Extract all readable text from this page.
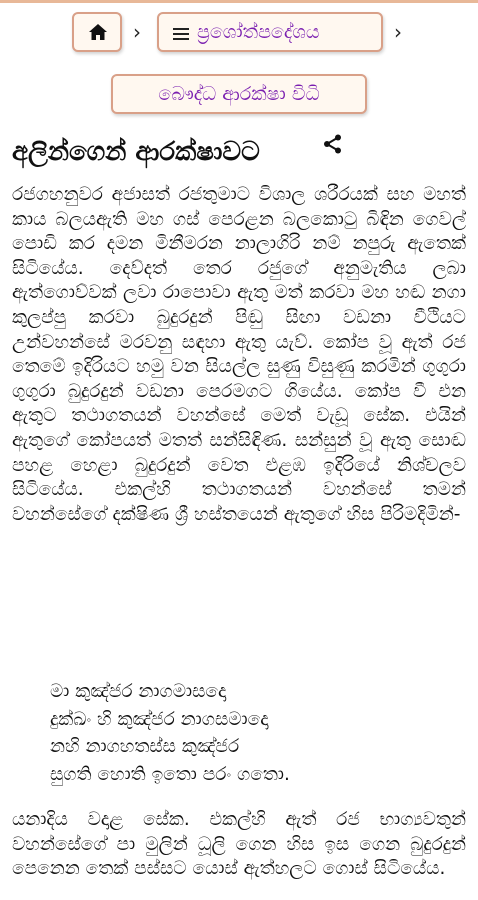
›	ප්‍රශෝත්පදේශය	›
බෞද්ධ ආරක්ෂා විධි
අලින්ගෙන් ආරක්ෂාවට

රජගහනුවර අජාසත් රජතුමාට විශාල ශරීරයක් සහ මහත් කාය බලයඇති මහ ගස් පෙරළන බලකොටු බිඳින ගෙවල් පොඩි කර දමන මිනීමරන නාලාගිරි නම් නපුරු ඇතෙක් සිටියේය. දෙව්දත් තෙර රජුගේ අනුමැතිය ලබා ඇත්ගොව්වක් ලවා රාපොවා ඇතු මත් කරවා මහ හඬ නගා කුලප්පු කරවා බුදුරදුන් පිඬු සිඟා වඩනා වීථියට උන්වහන්සේ මරවනු සඳහා ඇතු යැව්. කෝප වූ ඇත් රජ තෙමේ ඉදිරියට හමු වන සියල්ල සුණු විසුණු කරමින් ගුගුරා ගුගුරා බුදුරදුන් වඩනා පෙරමගට ගියේය. කෝප වී එන ඇතුට තථාගතයන් වහන්සේ මෙත් වැඩූ සේක. එයින් ඇතුගේ කෝපයත් මතත් සන්සිඳිණ. සන්සුන් වූ ඇතු සොඬ පහළ හෙළා බුදුරදුන් වෙත එළඹ ඉදිරියේ නිශ්චලව සිටියේය. එකල්හි තථාගතයන් වහන්සේ තමන් වහන්සේගේ දක්ෂිණ ශ්‍රී හස්තයෙන් ඇතුගේ හිස පිරිමදිමින්-

මා කුඤ්ජර නාගමාසදො
දුක්ඛං හි කුඤ්ජර නාගසමාදො
නහි නාගහතස්ස කුඤ්ජර
සුගති හොති ඉතො පරං ගතො.

යනාදිය වදාළ සේක. එකල්හි ඇත් රජ භාග්‍යවතුන් වහන්සේගේ පා මුලින් ධූලි ගෙන හිස ඉස ගෙන බුදුරදුන් පෙනෙන තෙක් පස්සට යොස් ඇත්හලට ගොස් සිටියේය.
